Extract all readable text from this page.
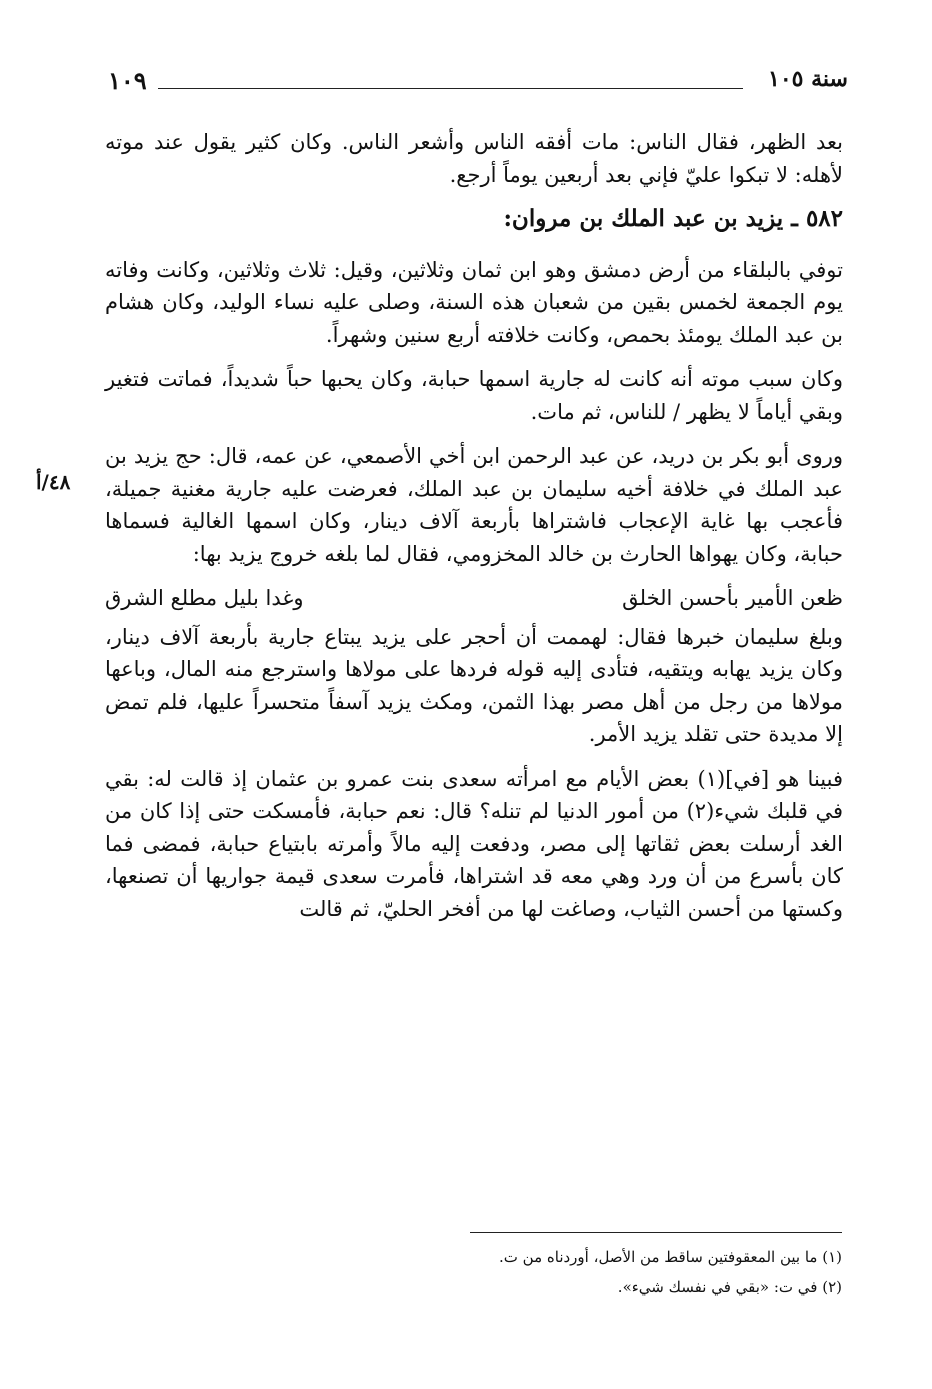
سنة ١٠٥
١٠٩
٤٨/أ

بعد الظهر، فقال الناس: مات أفقه الناس وأشعر الناس. وكان كثير يقول عند موته لأهله: لا تبكوا عليّ فإني بعد أربعين يوماً أرجع.

٥٨٢ ـ يزيد بن عبد الملك بن مروان:

توفي بالبلقاء من أرض دمشق وهو ابن ثمان وثلاثين، وقيل: ثلاث وثلاثين، وكانت وفاته يوم الجمعة لخمس بقين من شعبان هذه السنة، وصلى عليه نساء الوليد، وكان هشام بن عبد الملك يومئذ بحمص، وكانت خلافته أربع سنين وشهراً.

وكان سبب موته أنه كانت له جارية اسمها حبابة، وكان يحبها حباً شديداً، فماتت فتغير وبقي أياماً لا يظهر / للناس، ثم مات.

وروى أبو بكر بن دريد، عن عبد الرحمن ابن أخي الأصمعي، عن عمه، قال: حج يزيد بن عبد الملك في خلافة أخيه سليمان بن عبد الملك، فعرضت عليه جارية مغنية جميلة، فأعجب بها غاية الإعجاب فاشتراها بأربعة آلاف دينار، وكان اسمها الغالية فسماها حبابة، وكان يهواها الحارث بن خالد المخزومي، فقال لما بلغه خروج يزيد بها:

ظعن الأمير بأحسن الخلق
وغدا بليل مطلع الشرق

وبلغ سليمان خبرها فقال: لهممت أن أحجر على يزيد يبتاع جارية بأربعة آلاف دينار، وكان يزيد يهابه ويتقيه، فتأدى إليه قوله فردها على مولاها واسترجع منه المال، وباعها مولاها من رجل من أهل مصر بهذا الثمن، ومكث يزيد آسفاً متحسراً عليها، فلم تمض إلا مديدة حتى تقلد يزيد الأمر.

فبينا هو [في](١) بعض الأيام مع امرأته سعدى بنت عمرو بن عثمان إذ قالت له: بقي في قلبك شيء(٢) من أمور الدنيا لم تنله؟ قال: نعم حبابة، فأمسكت حتى إذا كان من الغد أرسلت بعض ثقاتها إلى مصر، ودفعت إليه مالاً وأمرته بابتياع حبابة، فمضى فما كان بأسرع من أن ورد وهي معه قد اشتراها، فأمرت سعدى قيمة جواريها أن تصنعها، وكستها من أحسن الثياب، وصاغت لها من أفخر الحليّ، ثم قالت

(١) ما بين المعقوفتين ساقط من الأصل، أوردناه من ت.
(٢) في ت: «بقي في نفسك شيء».
